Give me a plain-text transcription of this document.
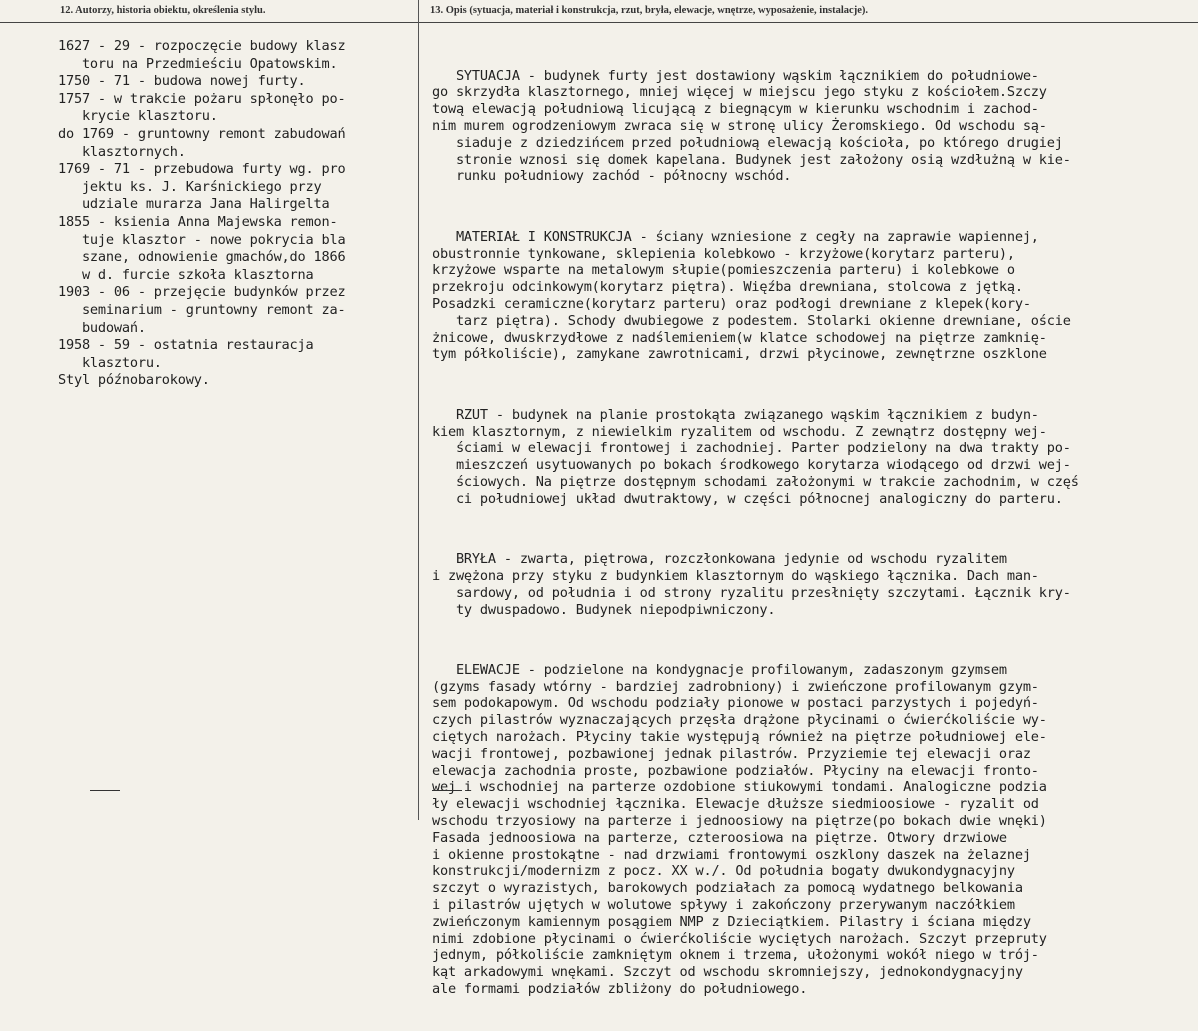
12. Autorzy, historia obiektu, określenia stylu.	13. Opis (sytuacja, materiał i konstrukcja, rzut, bryła, elewacje, wnętrze, wyposażenie, instalacje).
1627 - 29 - rozpoczęcie budowy klasz
toru na Przedmieściu Opatowskim.
1750 - 71 - budowa nowej furty.
1757 - w trakcie pożaru spłonęło po-
krycie klasztoru.
do 1769 - gruntowny remont zabudowań
klasztornych.
1769 - 71 - przebudowa furty wg. pro
jektu ks. J. Karśnickiego przy
udziale murarza Jana Halirgelta
1855 - ksienia Anna Majewska remon-
tuje klasztor - nowe pokrycia bla
szane, odnowienie gmachów,do 1866
w d. furcie szkoła klasztorna
1903 - 06 - przejęcie budynków przez
seminarium - gruntowny remont za-
budowań.
1958 - 59 - ostatnia restauracja
klasztoru.
Styl późnobarokowy.

SYTUACJA - budynek furty jest dostawiony wąskim łącznikiem do południowe-
go skrzydła klasztornego, mniej więcej w miejscu jego styku z kościołem.Szczy
tową elewacją południową licującą z biegnącym w kierunku wschodnim i zachod-
nim murem ogrodzeniowym zwraca się w stronę ulicy Żeromskiego. Od wschodu są-
siaduje z dziedzińcem przed południową elewacją kościoła, po którego drugiej
stronie wznosi się domek kapelana. Budynek jest założony osią wzdłużną w kie-
runku południowy zachód - północny wschód.

MATERIAŁ I KONSTRUKCJA - ściany wzniesione z cegły na zaprawie wapiennej,
obustronnie tynkowane, sklepienia kolebkowo - krzyżowe(korytarz parteru),
krzyżowe wsparte na metalowym słupie(pomieszczenia parteru) i kolebkowe o
przekroju odcinkowym(korytarz piętra). Więźba drewniana, stolcowa z jętką.
Posadzki ceramiczne(korytarz parteru) oraz podłogi drewniane z klepek(kory-
tarz piętra). Schody dwubiegowe z podestem. Stolarki okienne drewniane, oście
żnicowe, dwuskrzydłowe z nadślemieniem(w klatce schodowej na piętrze zamknię-
tym półkoliście), zamykane zawrotnicami, drzwi płycinowe, zewnętrzne oszklone

RZUT - budynek na planie prostokąta związanego wąskim łącznikiem z budyn-
kiem klasztornym, z niewielkim ryzalitem od wschodu. Z zewnątrz dostępny wej-
ściami w elewacji frontowej i zachodniej. Parter podzielony na dwa trakty po-
mieszczeń usytuowanych po bokach środkowego korytarza wiodącego od drzwi wej-
ściowych. Na piętrze dostępnym schodami założonymi w trakcie zachodnim, w częś
ci południowej układ dwutraktowy, w części północnej analogiczny do parteru.

BRYŁA - zwarta, piętrowa, rozczłonkowana jedynie od wschodu ryzalitem
i zwężona przy styku z budynkiem klasztornym do wąskiego łącznika. Dach man-
sardowy, od południa i od strony ryzalitu przesłnięty szczytami. Łącznik kry-
ty dwuspadowo. Budynek niepodpiwniczony.

ELEWACJE - podzielone na kondygnacje profilowanym, zadaszonym gzymsem
(gzyms fasady wtórny - bardziej zadrobniony) i zwieńczone profilowanym gzym-
sem podokapowym. Od wschodu podziały pionowe w postaci parzystych i pojedyń-
czych pilastrów wyznaczających przęsła drążone płycinami o ćwierćkoliście wy-
ciętych narożach. Płyciny takie występują również na piętrze południowej ele-
wacji frontowej, pozbawionej jednak pilastrów. Przyziemie tej elewacji oraz
elewacja zachodnia proste, pozbawione podziałów. Płyciny na elewacji fronto-
wej i wschodniej na parterze ozdobione stiukowymi tondami. Analogiczne podzia
ły elewacji wschodniej łącznika. Elewacje dłuższe siedmioosiowe - ryzalit od
wschodu trzyosiowy na parterze i jednoosiowy na piętrze(po bokach dwie wnęki)
Fasada jednoosiowa na parterze, czteroosiowa na piętrze. Otwory drzwiowe
i okienne prostokątne - nad drzwiami frontowymi oszklony daszek na żelaznej
konstrukcji/modernizm z pocz. XX w./. Od południa bogaty dwukondygnacyjny
szczyt o wyrazistych, barokowych podziałach za pomocą wydatnego belkowania
i pilastrów ujętych w wolutowe spływy i zakończony przerywanym naczółkiem
zwieńczonym kamiennym posągiem NMP z Dzieciątkiem. Pilastry i ściana między
nimi zdobione płycinami o ćwierćkoliście wyciętych narożach. Szczyt przepruty
jednym, półkoliście zamkniętym oknem i trzema, ułożonymi wokół niego w trój-
kąt arkadowymi wnękami. Szczyt od wschodu skromniejszy, jednokondygnacyjny
ale formami podziałów zbliżony do południowego.
